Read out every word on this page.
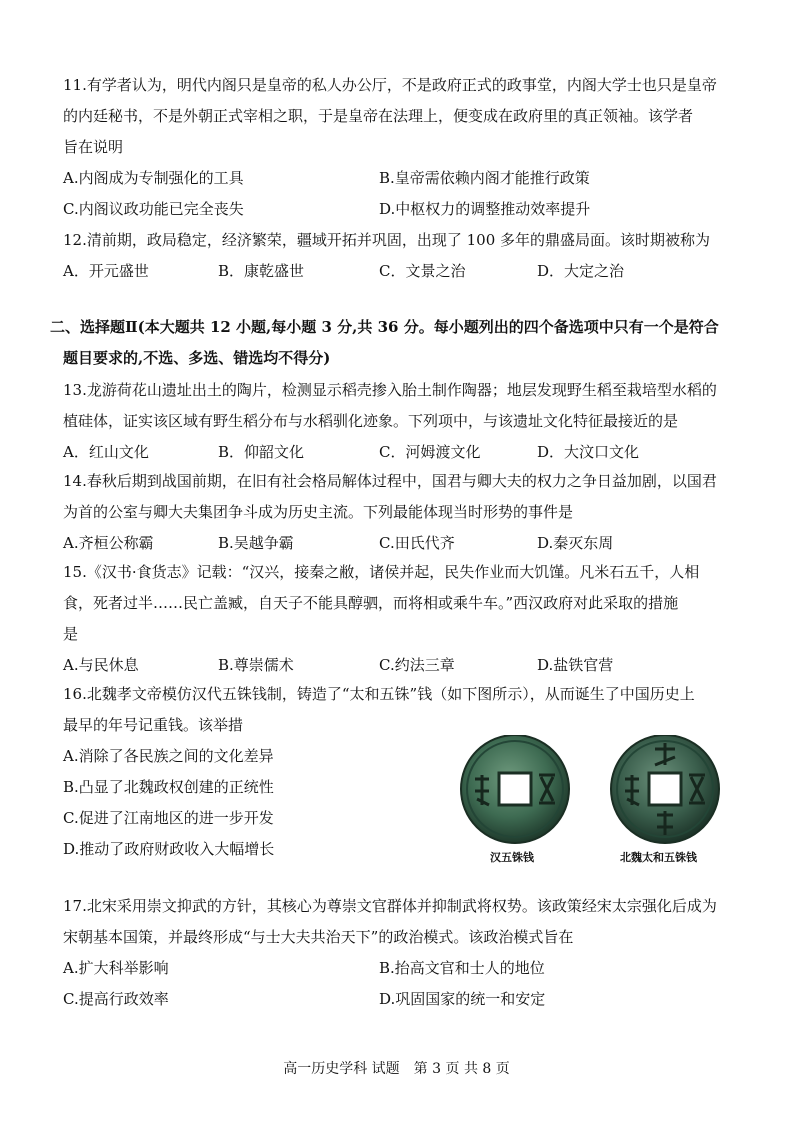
11.有学者认为，明代内阁只是皇帝的私人办公厅，不是政府正式的政事堂，内阁大学士也只是皇帝
的内廷秘书，不是外朝正式宰相之职，于是皇帝在法理上，便变成在政府里的真正领袖。该学者
旨在说明
A.内阁成为专制强化的工具	B.皇帝需依赖内阁才能推行政策
C.内阁议政功能已完全丧失	D.中枢权力的调整推动效率提升
12.清前期，政局稳定，经济繁荣，疆域开拓并巩固，出现了 100 多年的鼎盛局面。该时期被称为
A．开元盛世	B．康乾盛世	C．文景之治	D．大定之治
二、选择题Ⅱ(本大题共 12 小题,每小题 3 分,共 36 分。每小题列出的四个备选项中只有一个是符合
题目要求的,不选、多选、错选均不得分)
13.龙游荷花山遗址出土的陶片，检测显示稻壳掺入胎土制作陶器；地层发现野生稻至栽培型水稻的
植硅体，证实该区域有野生稻分布与水稻驯化迹象。下列项中，与该遗址文化特征最接近的是
A．红山文化	B．仰韶文化	C．河姆渡文化	D．大汶口文化
14.春秋后期到战国前期，在旧有社会格局解体过程中，国君与卿大夫的权力之争日益加剧，以国君
为首的公室与卿大夫集团争斗成为历史主流。下列最能体现当时形势的事件是
A.齐桓公称霸	B.吴越争霸	C.田氏代齐	D.秦灭东周
15.《汉书·食货志》记载：“汉兴，接秦之敝，诸侯并起，民失作业而大饥馑。凡米石五千，人相
食，死者过半……民亡盖臧，自天子不能具醇驷，而将相或乘牛车。”西汉政府对此采取的措施
是
A.与民休息	B.尊崇儒术	C.约法三章	D.盐铁官营
16.北魏孝文帝模仿汉代五铢钱制，铸造了“太和五铢”钱（如下图所示），从而诞生了中国历史上
最早的年号记重钱。该举措
A.消除了各民族之间的文化差异
B.凸显了北魏政权创建的正统性
C.促进了江南地区的进一步开发
D.推动了政府财政收入大幅增长	汉五铢钱	北魏太和五铢钱
17.北宋采用崇文抑武的方针，其核心为尊崇文官群体并抑制武将权势。该政策经宋太宗强化后成为
宋朝基本国策，并最终形成“与士大夫共治天下”的政治模式。该政治模式旨在
A.扩大科举影响	B.抬高文官和士人的地位
C.提高行政效率	D.巩固国家的统一和安定
高一历史学科 试题　第 3 页 共 8 页
